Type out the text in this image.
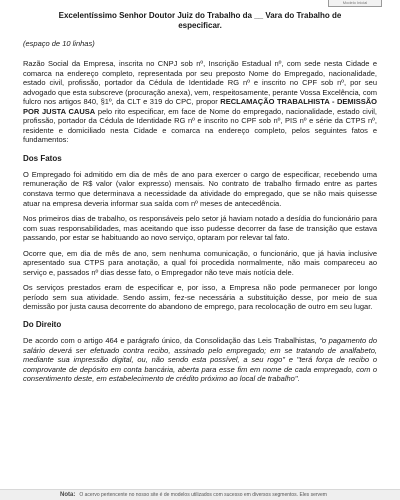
Modelo Inicial
Excelentíssimo Senhor Doutor Juiz do Trabalho da __ Vara do Trabalho de especificar.
(espaço de 10 linhas)

Razão Social da Empresa, inscrita no CNPJ sob nº, Inscrição Estadual nº, com sede nesta Cidade e comarca na endereço completo, representada por seu preposto Nome do Empregado, nacionalidade, estado civil, profissão, portador da Cédula de Identidade RG nº e inscrito no CPF sob nº, por seu advogado que esta subscreve (procuração anexa), vem, respeitosamente, perante Vossa Excelência, com fulcro nos artigos 840, §1º, da CLT e 319 do CPC, propor RECLAMAÇÃO TRABALHISTA - DEMISSÃO POR JUSTA CAUSA pelo rito especificar, em face de Nome do empregado, nacionalidade, estado civil, profissão, portador da Cédula de Identidade RG nº e inscrito no CPF sob nº, PIS nº e série da CTPS nº, residente e domiciliado nesta Cidade e comarca na endereço completo, pelos seguintes fatos e fundamentos:

Dos Fatos

O Empregado foi admitido em dia de mês de ano para exercer o cargo de especificar, recebendo uma remuneração de R$ valor (valor expresso) mensais. No contrato de trabalho firmado entre as partes constava termo que determinava a necessidade da atividade do empregado, que se não mais quisesse atuar na empresa deveria informar sua saída com nº meses de antecedência.

Nos primeiros dias de trabalho, os responsáveis pelo setor já haviam notado a desídia do funcionário para com suas responsabilidades, mas aceitando que isso pudesse decorrer da fase de transição que estava passando, por estar se habituando ao novo serviço, optaram por relevar tal fato.

Ocorre que, em dia de mês de ano, sem nenhuma comunicação, o funcionário, que já havia inclusive apresentado sua CTPS para anotação, a qual foi procedida normalmente, não mais compareceu ao serviço e, passados nº dias desse fato, o Empregador não teve mais notícia dele.

Os serviços prestados eram de especificar e, por isso, a Empresa não pode permanecer por longo período sem sua atividade. Sendo assim, fez-se necessária a substituição desse, por meio de sua demissão por justa causa decorrente do abandono de emprego, para recolocação de outro em seu lugar.

Do Direito

De acordo com o artigo 464 e parágrafo único, da Consolidação das Leis Trabalhistas, "o pagamento do salário deverá ser efetuado contra recibo, assinado pelo empregado; em se tratando de analfabeto, mediante sua impressão digital, ou, não sendo esta possível, a seu rogo" e "terá força de recibo o comprovante de depósito em conta bancária, aberta para esse fim em nome de cada empregado, com o consentimento deste, em estabelecimento de crédito próximo ao local de trabalho".

Nota: O acervo pertencente no nosso site é de modelos utilizados com sucesso em diversos segmentos. Eles servem
